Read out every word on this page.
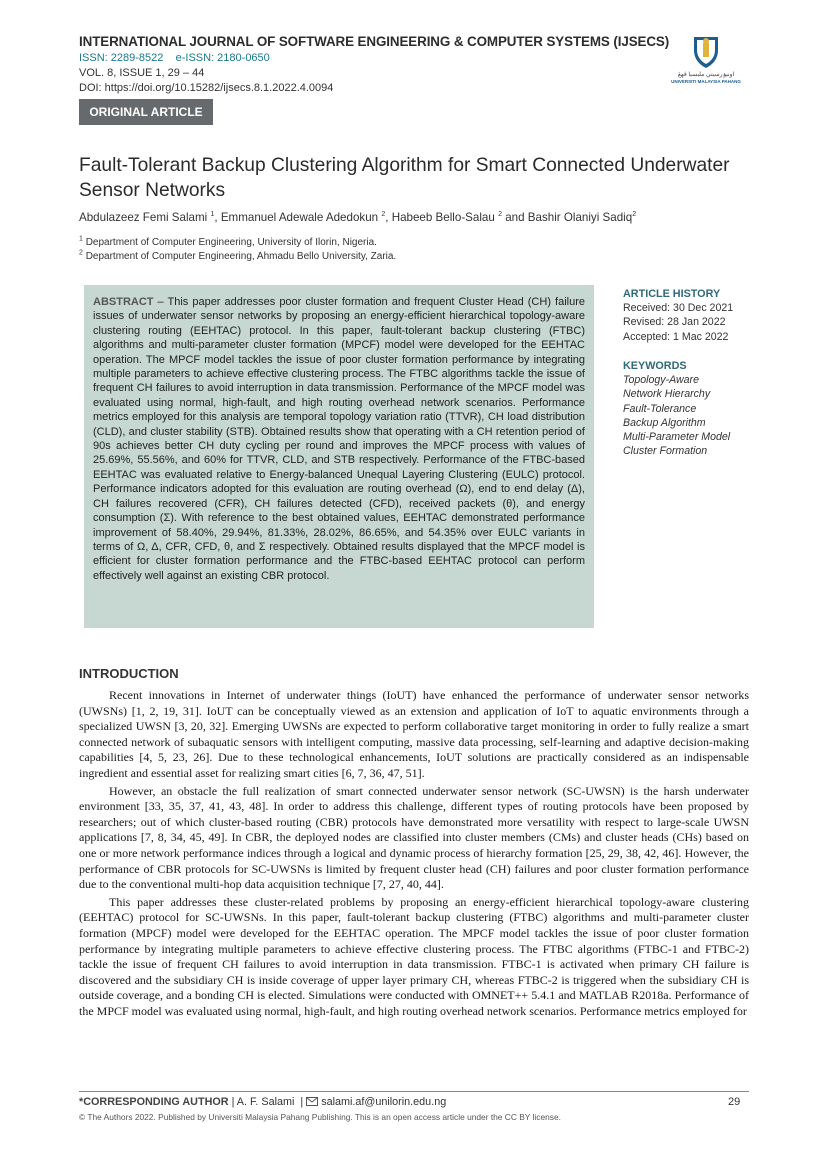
INTERNATIONAL JOURNAL OF SOFTWARE ENGINEERING & COMPUTER SYSTEMS (IJSECS)
ISSN: 2289-8522    e-ISSN: 2180-0650
VOL. 8, ISSUE 1, 29 – 44
DOI: https://doi.org/10.15282/ijsecs.8.1.2022.4.0094
اونيۏرسيتي مليسيا ڤهڠ
UNIVERSITI MALAYSIA PAHANG
ORIGINAL ARTICLE
Fault-Tolerant Backup Clustering Algorithm for Smart Connected Underwater Sensor Networks
Abdulazeez Femi Salami $^1$, Emmanuel Adewale Adedokun $^2$, Habeeb Bello-Salau $^2$ and Bashir Olaniyi Sadiq$^2$
$^1$ Department of Computer Engineering, University of Ilorin, Nigeria.
$^2$ Department of Computer Engineering, Ahmadu Bello University, Zaria.

ABSTRACT – This paper addresses poor cluster formation and frequent Cluster Head (CH) failure issues of underwater sensor networks by proposing an energy-efficient hierarchical topology-aware clustering routing (EEHTAC) protocol. In this paper, fault-tolerant backup clustering (FTBC) algorithms and multi-parameter cluster formation (MPCF) model were developed for the EEHTAC operation. The MPCF model tackles the issue of poor cluster formation performance by integrating multiple parameters to achieve effective clustering process. The FTBC algorithms tackle the issue of frequent CH failures to avoid interruption in data transmission. Performance of the MPCF model was evaluated using normal, high-fault, and high routing overhead network scenarios. Performance metrics employed for this analysis are temporal topology variation ratio (TTVR), CH load distribution (CLD), and cluster stability (STB). Obtained results show that operating with a CH retention period of 90s achieves better CH duty cycling per round and improves the MPCF process with values of 25.69%, 55.56%, and 60% for TTVR, CLD, and STB respectively. Performance of the FTBC-based EEHTAC was evaluated relative to Energy-balanced Unequal Layering Clustering (EULC) protocol. Performance indicators adopted for this evaluation are routing overhead (Ω), end to end delay (Δ), CH failures recovered (CFR), CH failures detected (CFD), received packets (θ), and energy consumption (Σ). With reference to the best obtained values, EEHTAC demonstrated performance improvement of 58.40%, 29.94%, 81.33%, 28.02%, 86.65%, and 54.35% over EULC variants in terms of Ω, Δ, CFR, CFD, θ, and Σ respectively. Obtained results displayed that the MPCF model is efficient for cluster formation performance and the FTBC-based EEHTAC protocol can perform effectively well against an existing CBR protocol.

ARTICLE HISTORY
Received: 30 Dec 2021
Revised: 28 Jan 2022
Accepted: 1 Mac 2022
KEYWORDS
Topology-Aware
Network Hierarchy
Fault-Tolerance
Backup Algorithm
Multi-Parameter Model
Cluster Formation
INTRODUCTION

Recent innovations in Internet of underwater things (IoUT) have enhanced the performance of underwater sensor networks (UWSNs) [1, 2, 19, 31]. IoUT can be conceptually viewed as an extension and application of IoT to aquatic environments through a specialized UWSN [3, 20, 32]. Emerging UWSNs are expected to perform collaborative target monitoring in order to fully realize a smart connected network of subaquatic sensors with intelligent computing, massive data processing, self-learning and adaptive decision-making capabilities [4, 5, 23, 26]. Due to these technological enhancements, IoUT solutions are practically considered as an indispensable ingredient and essential asset for realizing smart cities [6, 7, 36, 47, 51].

However, an obstacle the full realization of smart connected underwater sensor network (SC-UWSN) is the harsh underwater environment [33, 35, 37, 41, 43, 48]. In order to address this challenge, different types of routing protocols have been proposed by researchers; out of which cluster-based routing (CBR) protocols have demonstrated more versatility with respect to large-scale UWSN applications [7, 8, 34, 45, 49]. In CBR, the deployed nodes are classified into cluster members (CMs) and cluster heads (CHs) based on one or more network performance indices through a logical and dynamic process of hierarchy formation [25, 29, 38, 42, 46]. However, the performance of CBR protocols for SC-UWSNs is limited by frequent cluster head (CH) failures and poor cluster formation performance due to the conventional multi-hop data acquisition technique [7, 27, 40, 44].

This paper addresses these cluster-related problems by proposing an energy-efficient hierarchical topology-aware clustering (EEHTAC) protocol for SC-UWSNs. In this paper, fault-tolerant backup clustering (FTBC) algorithms and multi-parameter cluster formation (MPCF) model were developed for the EEHTAC operation. The MPCF model tackles the issue of poor cluster formation performance by integrating multiple parameters to achieve effective clustering process. The FTBC algorithms (FTBC-1 and FTBC-2) tackle the issue of frequent CH failures to avoid interruption in data transmission. FTBC-1 is activated when primary CH failure is discovered and the subsidiary CH is inside coverage of upper layer primary CH, whereas FTBC-2 is triggered when the subsidiary CH is outside coverage, and a bonding CH is elected. Simulations were conducted with OMNET++ 5.4.1 and MATLAB R2018a. Performance of the MPCF model was evaluated using normal, high-fault, and high routing overhead network scenarios. Performance metrics employed for

*CORRESPONDING AUTHOR | A. F. Salami  | salami.af@unilorin.edu.ng	29
© The Authors 2022. Published by Universiti Malaysia Pahang Publishing. This is an open access article under the CC BY license.
